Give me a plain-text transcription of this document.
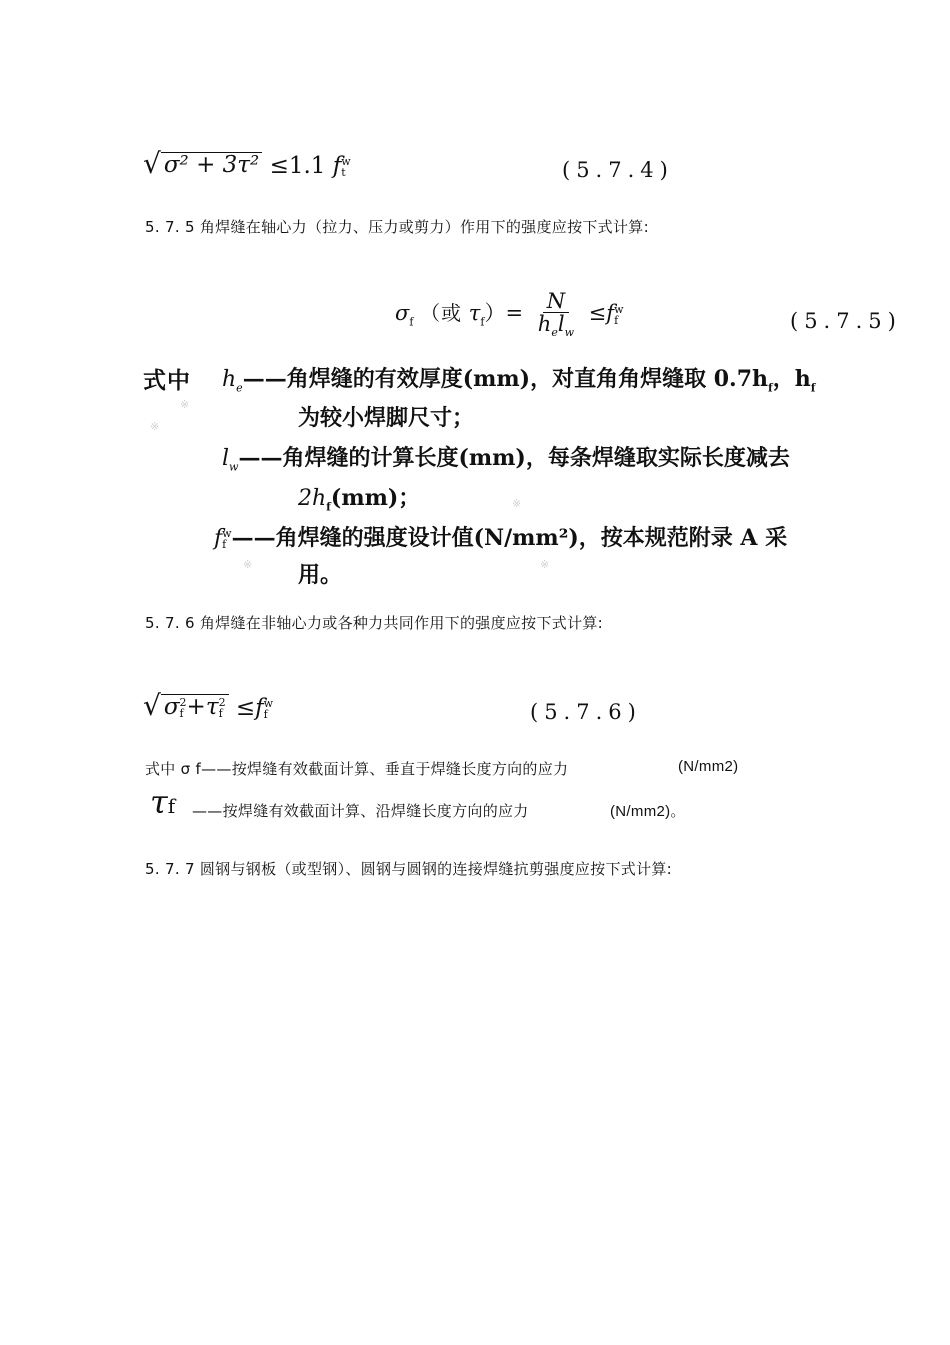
√ σ² + 3τ² ≤1.1 f w
t	(5.7.4)
5. 7. 5 角焊缝在轴心力（拉力、压力或剪力）作用下的强度应按下式计算:
$\sigma_f$ （或 $\tau_f)= \frac{N}{h_el_w} \le f$ w
f	(5.7.5)
式中 $h_e——$角焊缝的有效厚度(mm)，对直角角焊缝取 $0.7h_f$，$h_f$
为较小焊脚尺寸；
$l_w——$角焊缝的计算长度(mm)，每条焊缝取实际长度减去
$2h_f(mm)$；
f w
f ——角焊缝的强度设计值(N/mm²)，按本规范附录 A 采
用。
※
※
※
※	※
5. 7. 6 角焊缝在非轴心力或各种力共同作用下的强度应按下式计算:
√ σ 2
f +τ 2
f ≤f w
f	(5.7.6)
式中 σ f——按焊缝有效截面计算、垂直于焊缝长度方向的应力	(N/mm2)
τf ——按焊缝有效截面计算、沿焊缝长度方向的应力	(N/mm2)。
5. 7. 7 圆钢与钢板（或型钢）、圆钢与圆钢的连接焊缝抗剪强度应按下式计算:
